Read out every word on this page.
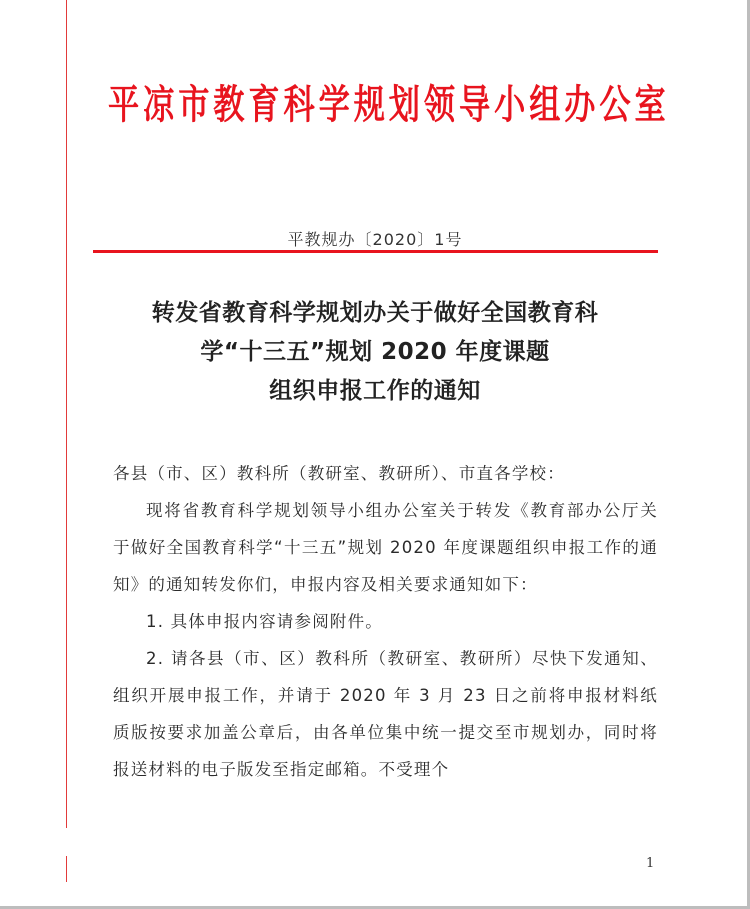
平凉市教育科学规划领导小组办公室
平教规办〔2020〕1号
转发省教育科学规划办关于做好全国教育科
学“十三五”规划 2020 年度课题
组织申报工作的通知

各县（市、区）教科所（教研室、教研所）、市直各学校：

现将省教育科学规划领导小组办公室关于转发《教育部办公厅关于做好全国教育科学“十三五”规划 2020 年度课题组织申报工作的通知》的通知转发你们，申报内容及相关要求通知如下：

1. 具体申报内容请参阅附件。

2. 请各县（市、区）教科所（教研室、教研所）尽快下发通知、组织开展申报工作，并请于 2020 年 3 月 23 日之前将申报材料纸质版按要求加盖公章后，由各单位集中统一提交至市规划办，同时将报送材料的电子版发至指定邮箱。不受理个

1
